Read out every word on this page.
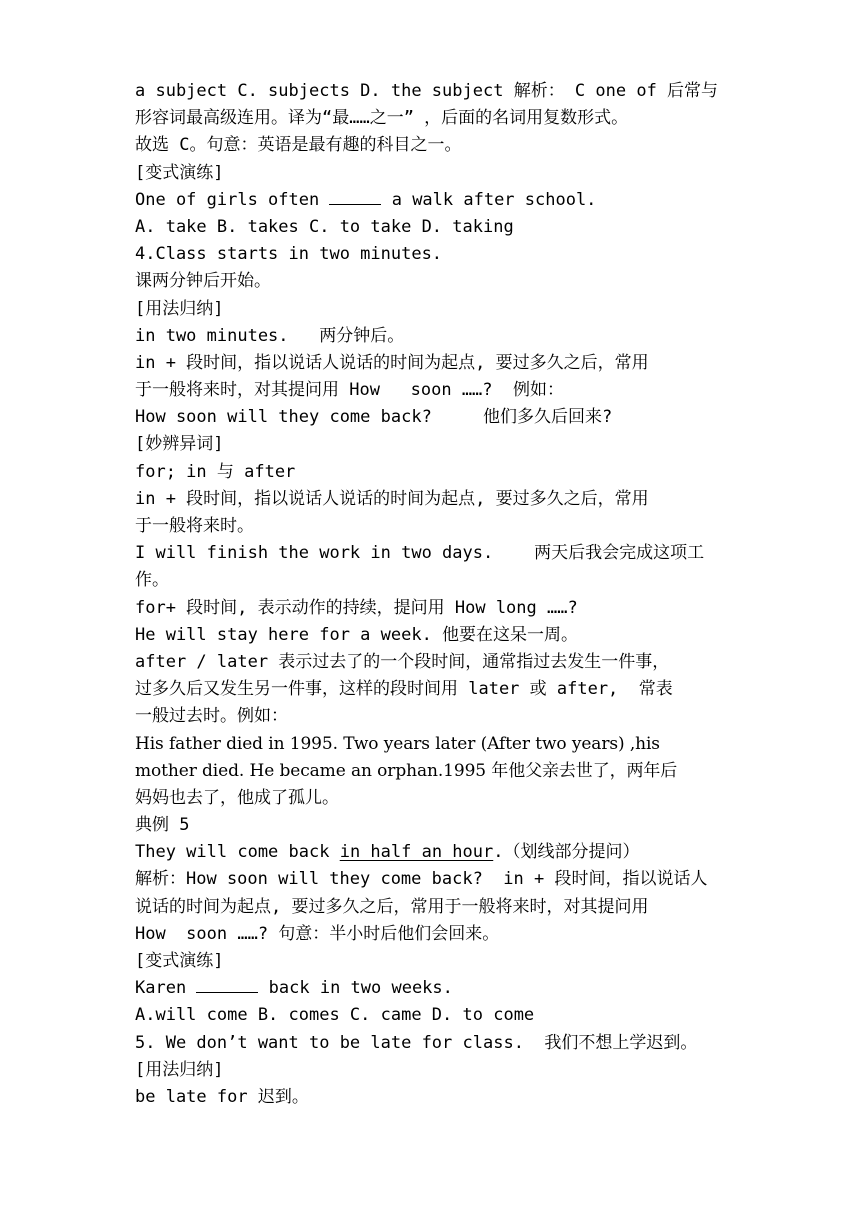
a subject C. subjects D. the subject 解析： C one of 后常与
形容词最高级连用。译为“最……之一” ，后面的名词用复数形式。
故选 C。句意：英语是最有趣的科目之一。
[变式演练]
One of girls often	a walk after school.
A. take B. takes C. to take D. taking
4.Class starts in two minutes.
课两分钟后开始。
[用法归纳]
in two minutes.   两分钟后。
in + 段时间，指以说话人说话的时间为起点, 要过多久之后，常用
于一般将来时，对其提问用 How   soon ……?  例如：
How soon will they come back?     他们多久后回来?
[妙辨异词]
for; in 与 after
in + 段时间，指以说话人说话的时间为起点, 要过多久之后，常用
于一般将来时。
I will finish the work in two days.    两天后我会完成这项工
作。
for+ 段时间, 表示动作的持续，提问用 How long ……?
He will stay here for a week. 他要在这呆一周。
after / later 表示过去了的一个段时间，通常指过去发生一件事，
过多久后又发生另一件事，这样的段时间用 later 或 after,  常表
一般过去时。例如：
His father died in 1995. Two years later (After two years) ,his
mother died. He became an orphan.1995 年他父亲去世了，两年后
妈妈也去了，他成了孤儿。
典例 5
They will come back in half an hour.（划线部分提问）
解析：How soon will they come back?  in + 段时间，指以说话人
说话的时间为起点, 要过多久之后，常用于一般将来时，对其提问用
How  soon ……? 句意：半小时后他们会回来。
[变式演练]
Karen	back in two weeks.
A.will come B. comes C. came D. to come
5. We don’t want to be late for class.  我们不想上学迟到。
[用法归纳]
be late for 迟到。
